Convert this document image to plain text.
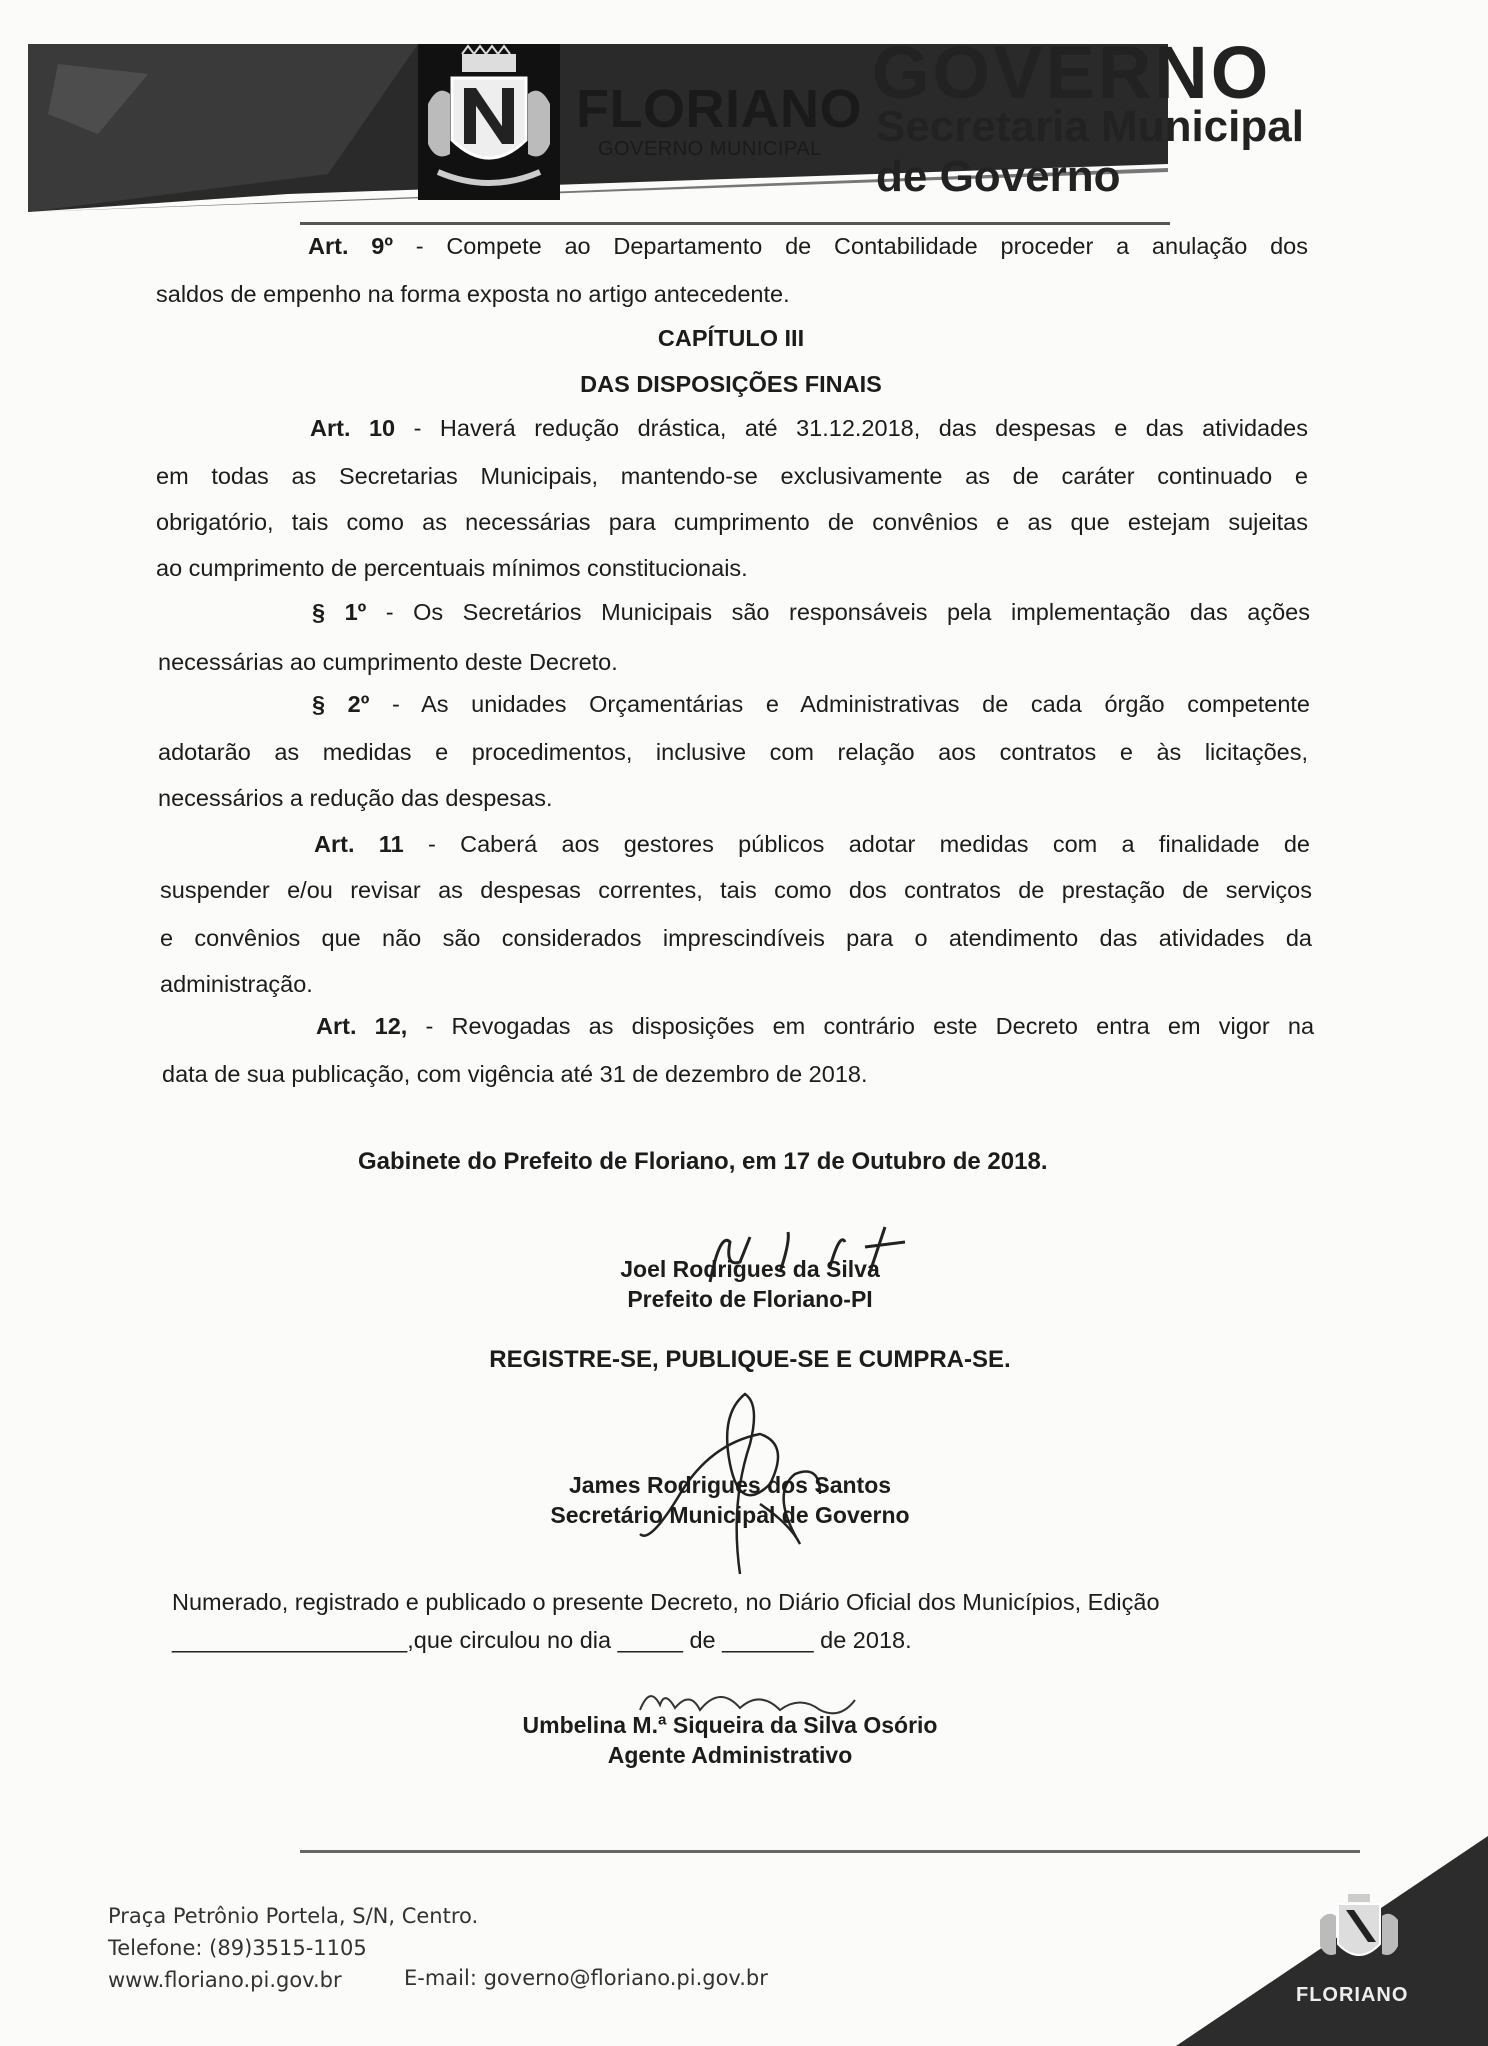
FLORIANO
GOVERNO MUNICIPAL
GOVERNO
Secretaria Municipal
de Governo
Art. 9º - Compete ao Departamento de Contabilidade proceder a anulação dos
saldos de empenho na forma exposta no artigo antecedente.
CAPÍTULO III
DAS DISPOSIÇÕES FINAIS
Art. 10 - Haverá redução drástica, até 31.12.2018, das despesas e das atividades
em todas as Secretarias Municipais, mantendo-se exclusivamente as de caráter continuado e
obrigatório, tais como as necessárias para cumprimento de convênios e as que estejam sujeitas
ao cumprimento de percentuais mínimos constitucionais.
§ 1º - Os Secretários Municipais são responsáveis pela implementação das ações
necessárias ao cumprimento deste Decreto.
§ 2º - As unidades Orçamentárias e Administrativas de cada órgão competente
adotarão as medidas e procedimentos, inclusive com relação aos contratos e às licitações,
necessários a redução das despesas.
Art. 11 - Caberá aos gestores públicos adotar medidas com a finalidade de
suspender e/ou revisar as despesas correntes, tais como dos contratos de prestação de serviços
e convênios que não são considerados imprescindíveis para o atendimento das atividades da
administração.
Art. 12, - Revogadas as disposições em contrário este Decreto entra em vigor na
data de sua publicação, com vigência até 31 de dezembro de 2018.
Gabinete do Prefeito de Floriano, em 17 de Outubro de 2018.
Joel Rodrigues da Silva
Prefeito de Floriano-PI
REGISTRE-SE, PUBLIQUE-SE E CUMPRA-SE.
James Rodrigues dos Santos
Secretário Municipal de Governo
Numerado, registrado e publicado o presente Decreto, no Diário Oficial dos Municípios, Edição
__________________,que circulou no dia _____ de _______ de 2018.
Umbelina M.ª Siqueira da Silva Osório
Agente Administrativo
FLORIANO
Praça Petrônio Portela, S/N, Centro.
Telefone: (89)3515-1105
www.floriano.pi.gov.br	E-mail: governo@floriano.pi.gov.br
